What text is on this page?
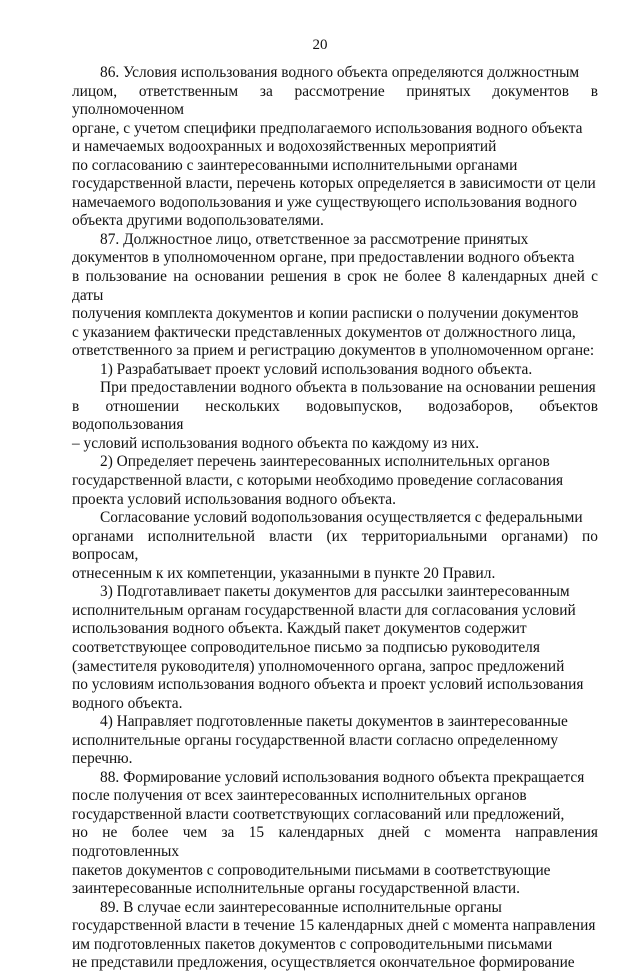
20

86. Условия использования водного объекта определяются должностным
лицом, ответственным за рассмотрение принятых документов в уполномоченном
органе, с учетом специфики предполагаемого использования водного объекта
и намечаемых водоохранных и водохозяйственных мероприятий
по согласованию с заинтересованными исполнительными органами
государственной власти, перечень которых определяется в зависимости от цели
намечаемого водопользования и уже существующего использования водного
объекта другими водопользователями.

87. Должностное лицо, ответственное за рассмотрение принятых
документов в уполномоченном органе, при предоставлении водного объекта
в пользование на основании решения в срок не более 8 календарных дней с даты
получения комплекта документов и копии расписки о получении документов
с указанием фактически представленных документов от должностного лица,
ответственного за прием и регистрацию документов в уполномоченном органе:

1) Разрабатывает проект условий использования водного объекта.

При предоставлении водного объекта в пользование на основании решения
в отношении нескольких водовыпусков, водозаборов, объектов водопользования
– условий использования водного объекта по каждому из них.

2) Определяет перечень заинтересованных исполнительных органов
государственной власти, с которыми необходимо проведение согласования
проекта условий использования водного объекта.

Согласование условий водопользования осуществляется с федеральными
органами исполнительной власти (их территориальными органами) по вопросам,
отнесенным к их компетенции, указанными в пункте 20 Правил.

3) Подготавливает пакеты документов для рассылки заинтересованным
исполнительным органам государственной власти для согласования условий
использования водного объекта. Каждый пакет документов содержит
соответствующее сопроводительное письмо за подписью руководителя
(заместителя руководителя) уполномоченного органа, запрос предложений
по условиям использования водного объекта и проект условий использования
водного объекта.

4) Направляет подготовленные пакеты документов в заинтересованные
исполнительные органы государственной власти согласно определенному
перечню.

88. Формирование условий использования водного объекта прекращается
после получения от всех заинтересованных исполнительных органов
государственной власти соответствующих согласований или предложений,
но не более чем за 15 календарных дней с момента направления подготовленных
пакетов документов с сопроводительными письмами в соответствующие
заинтересованные исполнительные органы государственной власти.

89. В случае если заинтересованные исполнительные органы
государственной власти в течение 15 календарных дней с момента направления
им подготовленных пакетов документов с сопроводительными письмами
не представили предложения, осуществляется окончательное формирование
